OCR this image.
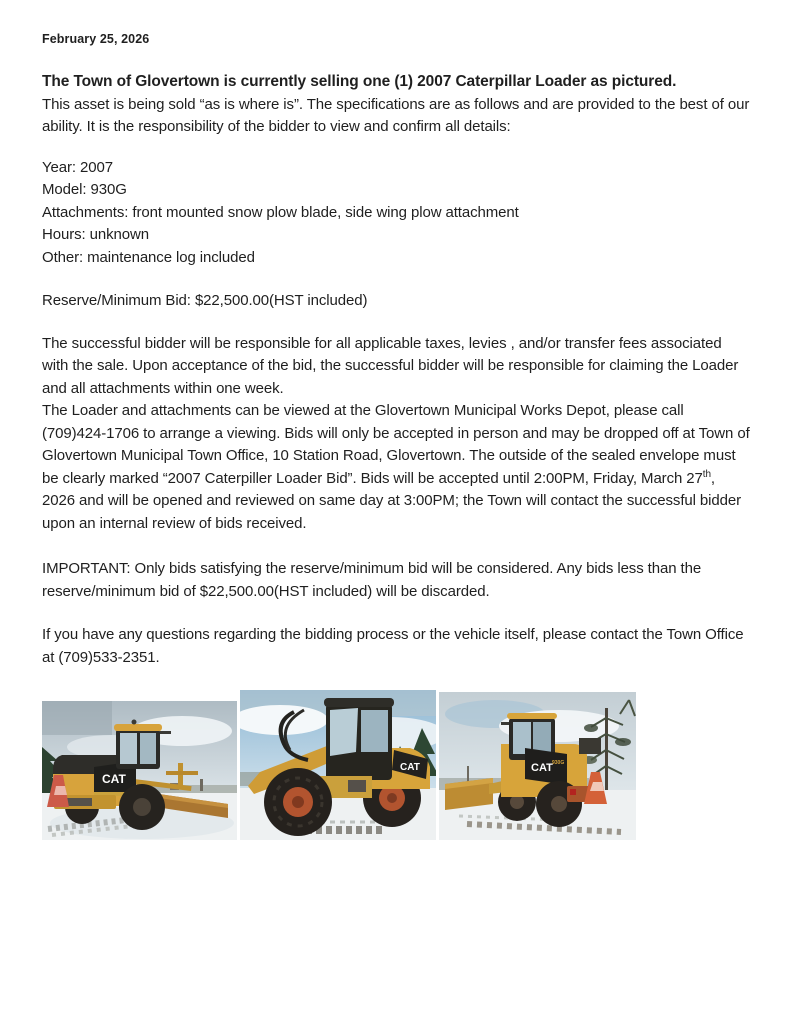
February 25, 2026

The Town of Glovertown is currently selling one (1) 2007 Caterpillar Loader as pictured.

This asset is being sold “as is where is”. The specifications are as follows and are provided to the best of our ability. It is the responsibility of the bidder to view and confirm all details:

Year: 2007

Model: 930G

Attachments: front mounted snow plow blade, side wing plow attachment

Hours: unknown

Other: maintenance log included

Reserve/Minimum Bid: $22,500.00(HST included)

The successful bidder will be responsible for all applicable taxes, levies , and/or transfer fees associated with the sale. Upon acceptance of the bid, the successful bidder will be responsible for claiming the Loader and all attachments within one week.

The Loader and attachments can be viewed at the Glovertown Municipal Works Depot, please call (709)424-1706 to arrange a viewing. Bids will only be accepted in person and may be dropped off at Town of Glovertown Municipal Town Office, 10 Station Road, Glovertown. The outside of the sealed envelope must be clearly marked “2007 Caterpiller Loader Bid”. Bids will be accepted until 2:00PM, Friday, March 27th, 2026 and will be opened and reviewed on same day at 3:00PM; the Town will contact the successful bidder upon an internal review of bids received.

IMPORTANT: Only bids satisfying the reserve/minimum bid will be considered. Any bids less than the reserve/minimum bid of $22,500.00(HST included) will be discarded.

If you have any questions regarding the bidding process or the vehicle itself, please contact the Town Office at (709)533-2351.

CAT
CAT	CAT 930G
